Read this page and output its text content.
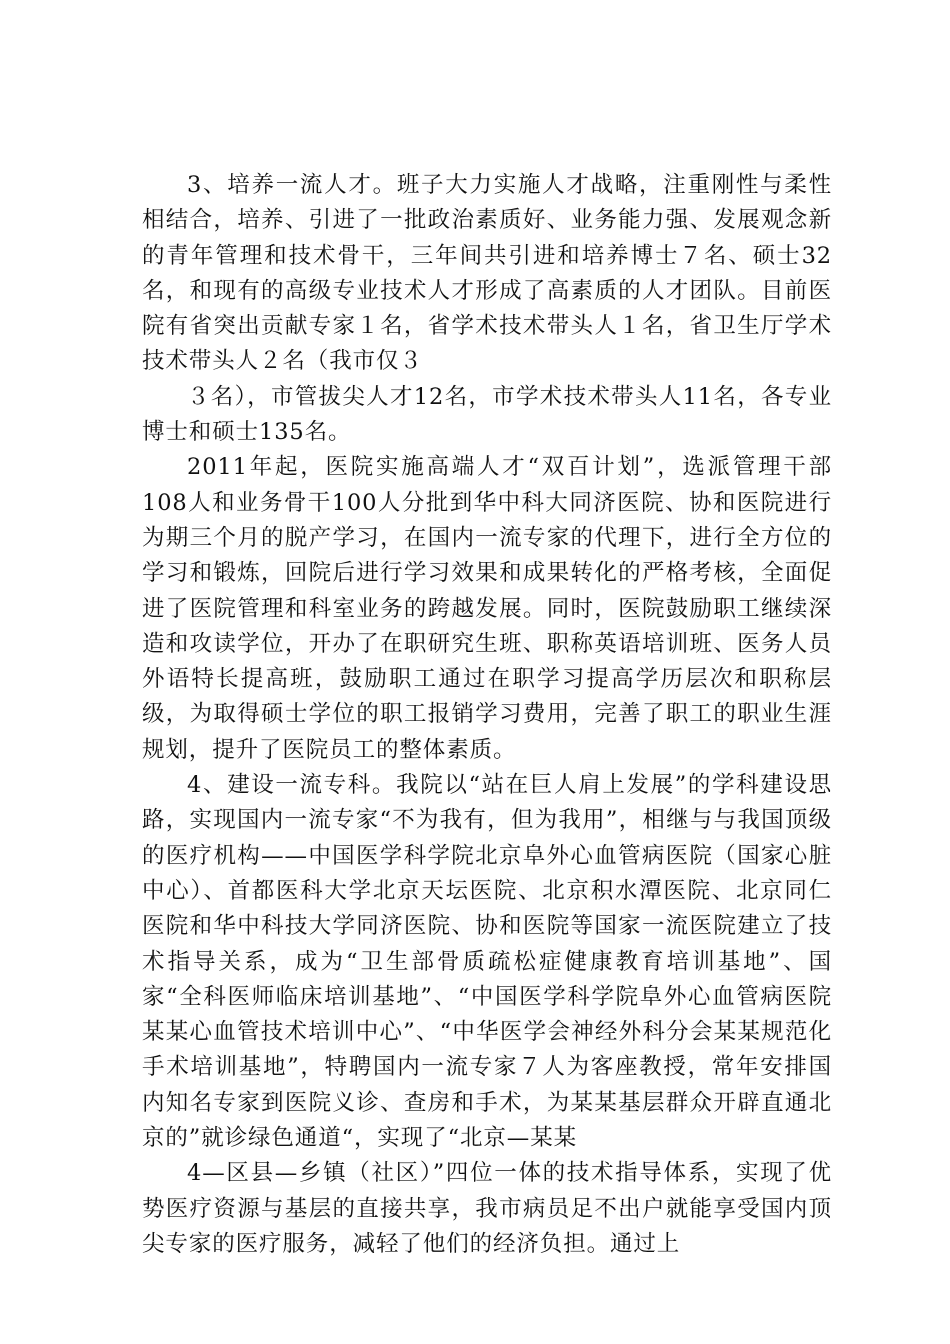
3、培养一流人才。班子大力实施人才战略，注重刚性与柔性相结合，培养、引进了一批政治素质好、业务能力强、发展观念新的青年管理和技术骨干，三年间共引进和培养博士７名、硕士32名，和现有的高级专业技术人才形成了高素质的人才团队。目前医院有省突出贡献专家１名，省学术技术带头人１名，省卫生厅学术技术带头人２名（我市仅３

３名），市管拔尖人才12名，市学术技术带头人11名，各专业博士和硕士135名。

2011年起，医院实施高端人才“双百计划”，选派管理干部108人和业务骨干100人分批到华中科大同济医院、协和医院进行为期三个月的脱产学习，在国内一流专家的代理下，进行全方位的学习和锻炼，回院后进行学习效果和成果转化的严格考核，全面促进了医院管理和科室业务的跨越发展。同时，医院鼓励职工继续深造和攻读学位，开办了在职研究生班、职称英语培训班、医务人员外语特长提高班，鼓励职工通过在职学习提高学历层次和职称层级，为取得硕士学位的职工报销学习费用，完善了职工的职业生涯规划，提升了医院员工的整体素质。

4、建设一流专科。我院以“站在巨人肩上发展”的学科建设思路，实现国内一流专家“不为我有，但为我用”，相继与与我国顶级的医疗机构——中国医学科学院北京阜外心血管病医院（国家心脏中心）、首都医科大学北京天坛医院、北京积水潭医院、北京同仁医院和华中科技大学同济医院、协和医院等国家一流医院建立了技术指导关系，成为“卫生部骨质疏松症健康教育培训基地”、国家“全科医师临床培训基地”、“中国医学科学院阜外心血管病医院某某心血管技术培训中心”、“中华医学会神经外科分会某某规范化手术培训基地”，特聘国内一流专家７人为客座教授，常年安排国内知名专家到医院义诊、查房和手术，为某某基层群众开辟直通北京的”就诊绿色通道“，实现了“北京—某某

4—区县—乡镇（社区）”四位一体的技术指导体系，实现了优势医疗资源与基层的直接共享，我市病员足不出户就能享受国内顶尖专家的医疗服务，减轻了他们的经济负担。通过上
